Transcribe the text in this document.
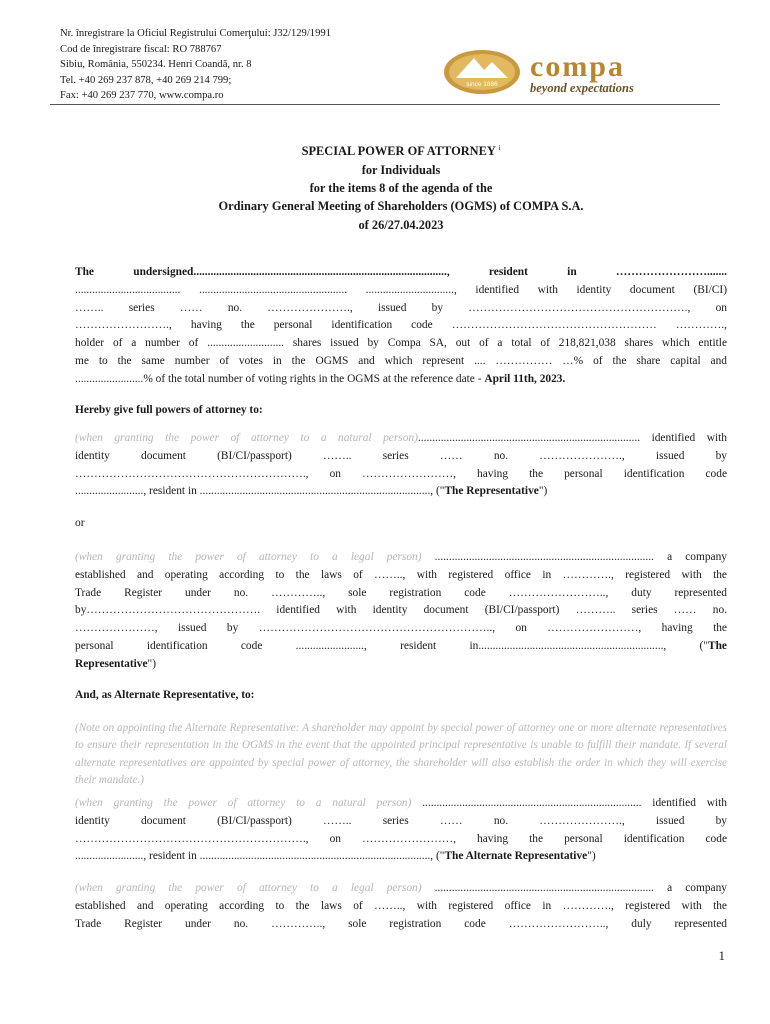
Nr. înregistrare la Oficiul Registrului Comerţului: J32/129/1991
Cod de înregistrare fiscal: RO 788767
Sibiu, România, 550234. Henri Coandă, nr. 8
Tel. +40 269 237 878, +40 269 214 799;
Fax: +40 269 237 770, www.compa.ro
since 1886
compa
beyond expectations
SPECIAL POWER OF ATTORNEY $^i$
for Individuals
for the items 8 of the agenda of the
Ordinary General Meeting of Shareholders (OGMS) of COMPA S.A.
of 26/27.04.2023
The undersigned........................................................................................., resident in …………………….......
..................................... .................................................... ..............................., identified with identity document (BI/CI)
…….. series …… no. …………………., issued by …………………………………………………., on
……………………., having the personal identification code ……………………………………………… ………….,
holder of a number of ........................... shares issued by Compa SA, out of a total of 218,821,038 shares which entitle
me to the same number of votes in the OGMS and which represent .... …………… …% of the share capital and
........................% of the total number of voting rights in the OGMS at the reference date - April 11th, 2023.
Hereby give full powers of attorney to:
(when granting the power of attorney to a natural person).............................................................................. identified with
identity document (BI/CI/passport) …….. series …… no. …………………., issued by
……………………………………………………., on ……………………, having the personal identification code
........................, resident in ................................................................................., ("The Representative")
or
(when granting the power of attorney to a legal person) ............................................................................. a company
established and operating according to the laws of …….., with registered office in …………., registered with the
Trade Register under no. ………….., sole registration code …………………….., duty represented
by………………………………………. identified with identity document (BI/CI/passport) ……….. series …… no.
…………………, issued by …………………………………………………….., on ……………………, having the
personal identification code ........................, resident in................................................................., ("The
Representative")
And, as Alternate Representative, to:
(Note on appointing the Alternate Representative: A shareholder may appoint by special power of attorney one or more alternate representatives to ensure their representation in the OGMS in the event that the appointed principal representative is unable to fulfill their mandate. If several alternate representatives are appointed by special power of attorney, the shareholder will also establish the order in which they will exercise their mandate.)
(when granting the power of attorney to a natural person) ............................................................................. identified with
identity document (BI/CI/passport) …….. series …… no. …………………., issued by
……………………………………………………., on ……………………, having the personal identification code
........................, resident in ................................................................................., ("The Alternate Representative")
(when granting the power of attorney to a legal person) ............................................................................. a company
established and operating according to the laws of …….., with registered office in …………., registered with the
Trade Register under no. ………….., sole registration code …………………….., duly represented
1
